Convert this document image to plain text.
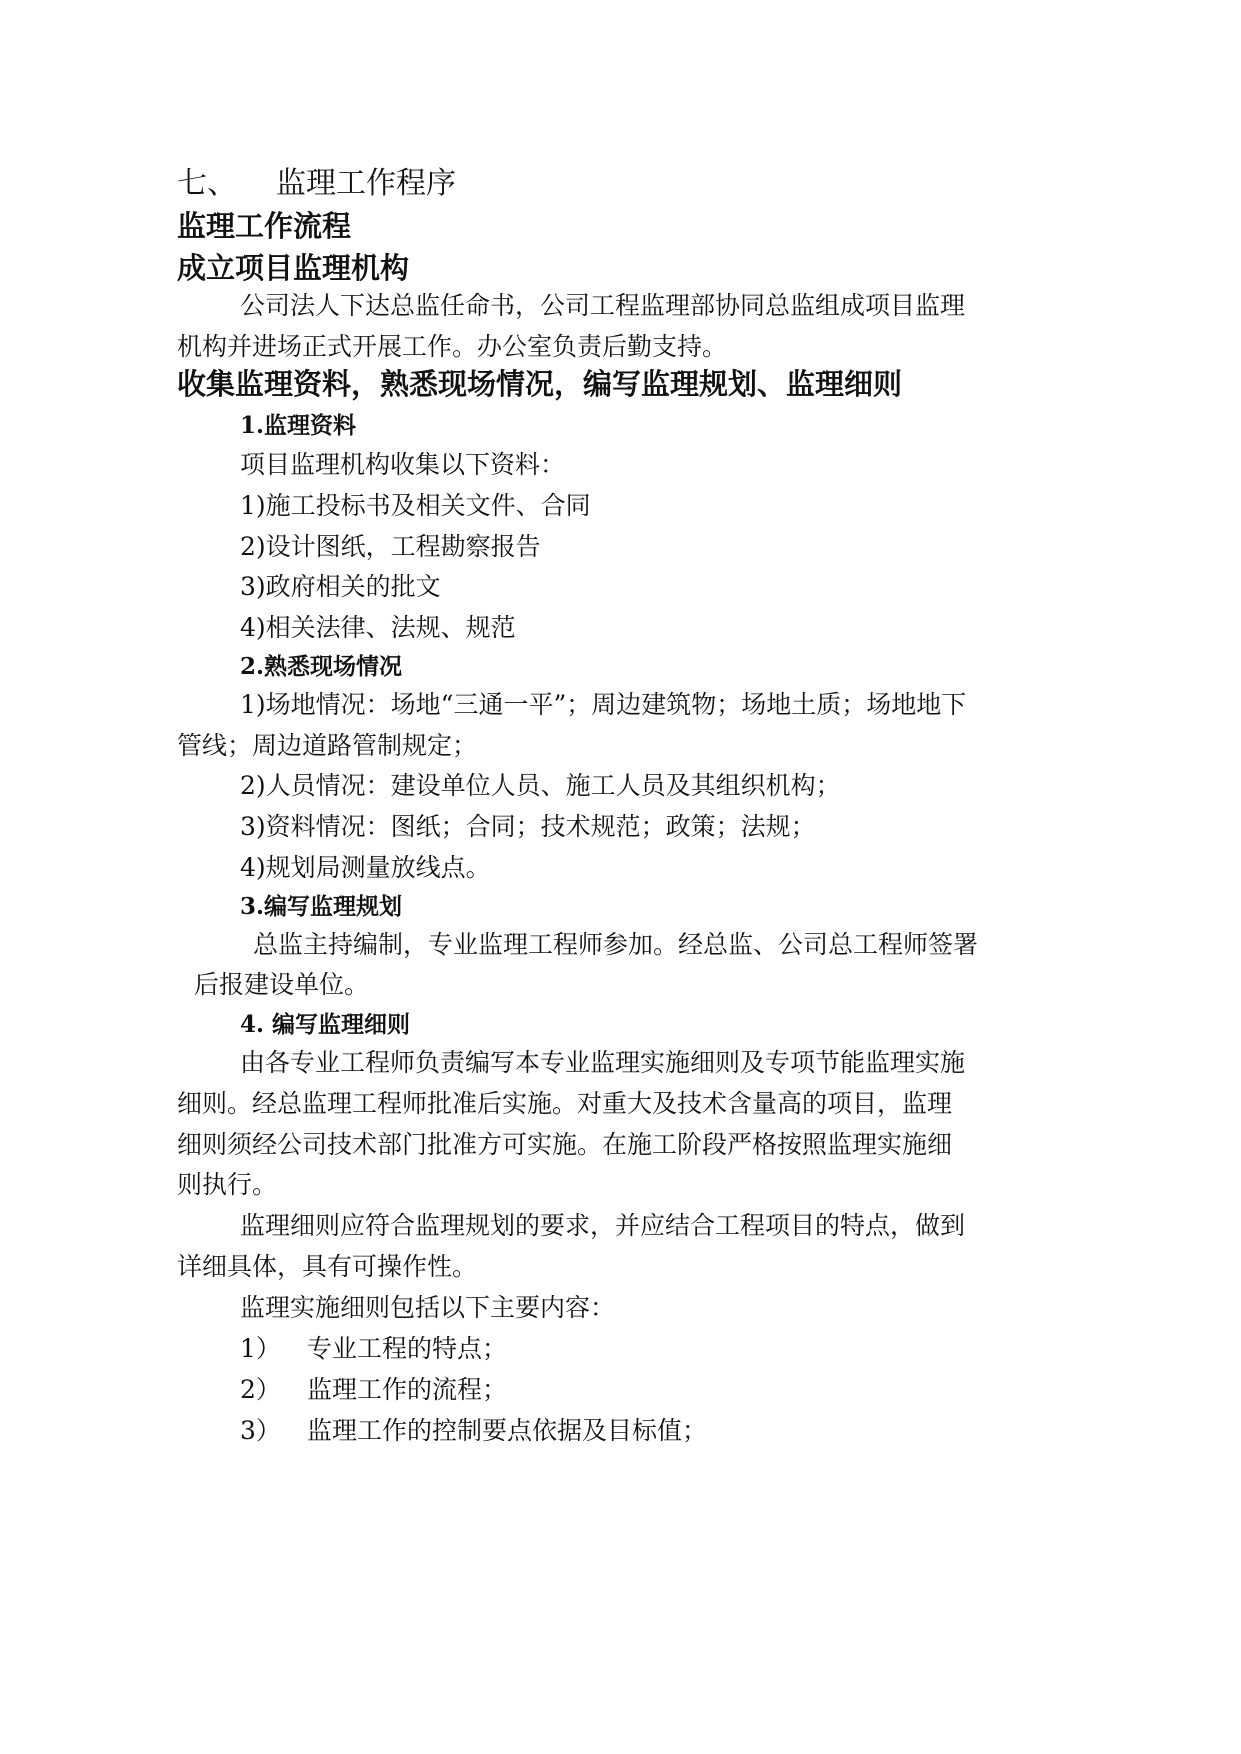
七、 监理工作程序
监理工作流程
成立项目监理机构
公司法人下达总监任命书，公司工程监理部协同总监组成项目监理
机构并进场正式开展工作。办公室负责后勤支持。
收集监理资料，熟悉现场情况，编写监理规划、监理细则
1.监理资料
项目监理机构收集以下资料：
1)施工投标书及相关文件、合同
2)设计图纸，工程勘察报告
3)政府相关的批文
4)相关法律、法规、规范
2.熟悉现场情况
1)场地情况：场地“三通一平”；周边建筑物；场地土质；场地地下
管线；周边道路管制规定；
2)人员情况：建设单位人员、施工人员及其组织机构；
3)资料情况：图纸；合同；技术规范；政策；法规；
4)规划局测量放线点。
3.编写监理规划
总监主持编制，专业监理工程师参加。经总监、公司总工程师签署
后报建设单位。
4. 编写监理细则
由各专业工程师负责编写本专业监理实施细则及专项节能监理实施
细则。经总监理工程师批准后实施。对重大及技术含量高的项目，监理
细则须经公司技术部门批准方可实施。在施工阶段严格按照监理实施细
则执行。
监理细则应符合监理规划的要求，并应结合工程项目的特点，做到
详细具体，具有可操作性。
监理实施细则包括以下主要内容：
1） 专业工程的特点；
2） 监理工作的流程；
3） 监理工作的控制要点依据及目标值；
